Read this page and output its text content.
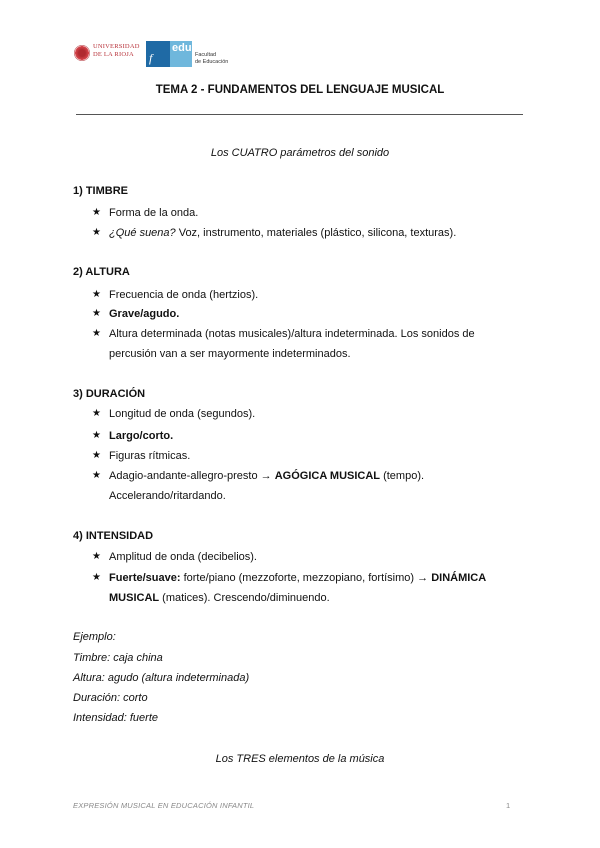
UNIVERSIDAD
DE LA RIOJA	f
edu
Facultad
de Educación
TEMA 2 - FUNDAMENTOS DEL LENGUAJE MUSICAL
Los CUATRO parámetros del sonido
1) TIMBRE
★ Forma de la onda.
★ ¿Qué suena? Voz, instrumento, materiales (plástico, silicona, texturas).
2) ALTURA
★ Frecuencia de onda (hertzios).
★ Grave/agudo.
★ Altura determinada (notas musicales)/altura indeterminada. Los sonidos de
percusión van a ser mayormente indeterminados.
3) DURACIÓN
★ Longitud de onda (segundos).
★ Largo/corto.
★ Figuras rítmicas.
★ Adagio-andante-allegro-presto → AGÓGICA MUSICAL (tempo).
Accelerando/ritardando.
4) INTENSIDAD
★ Amplitud de onda (decibelios).
★ Fuerte/suave: forte/piano (mezzoforte, mezzopiano, fortísimo) → DINÁMICA
MUSICAL (matices). Crescendo/diminuendo.
Ejemplo:
Timbre: caja china
Altura: agudo (altura indeterminada)
Duración: corto
Intensidad: fuerte
Los TRES elementos de la música
EXPRESIÓN MUSICAL EN EDUCACIÓN INFANTIL	1
